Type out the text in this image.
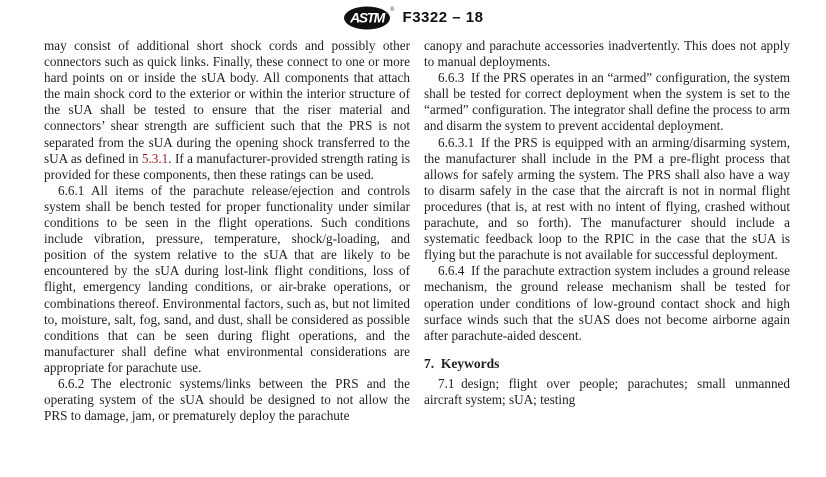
ASTM	® F3322 – 18

may consist of additional short shock cords and possibly other connectors such as quick links. Finally, these connect to one or more hard points on or inside the sUA body. All components that attach the main shock cord to the exterior or within the interior structure of the sUA shall be tested to ensure that the riser material and connectors’ shear strength are sufficient such that the PRS is not separated from the sUA during the opening shock transferred to the sUA as defined in 5.3.1. If a manufacturer-provided strength rating is provided for these components, then these ratings can be used.

6.6.1 All items of the parachute release/ejection and controls system shall be bench tested for proper functionality under similar conditions to be seen in the flight operations. Such conditions include vibration, pressure, temperature, shock/g-loading, and position of the system relative to the sUA that are likely to be encountered by the sUA during lost-link flight conditions, loss of flight, emergency landing conditions, or air-brake operations, or combinations thereof. Environmental factors, such as, but not limited to, moisture, salt, fog, sand, and dust, shall be considered as possible conditions that can be seen during flight operations, and the manufacturer shall define what environmental considerations are appropriate for parachute use.

6.6.2 The electronic systems/links between the PRS and the operating system of the sUA should be designed to not allow the PRS to damage, jam, or prematurely deploy the parachute

canopy and parachute accessories inadvertently. This does not apply to manual deployments.

6.6.3 If the PRS operates in an “armed” configuration, the system shall be tested for correct deployment when the system is set to the “armed” configuration. The integrator shall define the process to arm and disarm the system to prevent accidental deployment.

6.6.3.1 If the PRS is equipped with an arming/disarming system, the manufacturer shall include in the PM a pre-flight process that allows for safely arming the system. The PRS shall also have a way to disarm safely in the case that the aircraft is not in normal flight procedures (that is, at rest with no intent of flying, crashed without parachute, and so forth). The manufacturer should include a systematic feedback loop to the RPIC in the case that the sUA is flying but the parachute is not available for successful deployment.

6.6.4 If the parachute extraction system includes a ground release mechanism, the ground release mechanism shall be tested for operation under conditions of low-ground contact shock and high surface winds such that the sUAS does not become airborne again after parachute-aided descent.

7. Keywords

7.1 design; flight over people; parachutes; small unmanned aircraft system; sUA; testing
